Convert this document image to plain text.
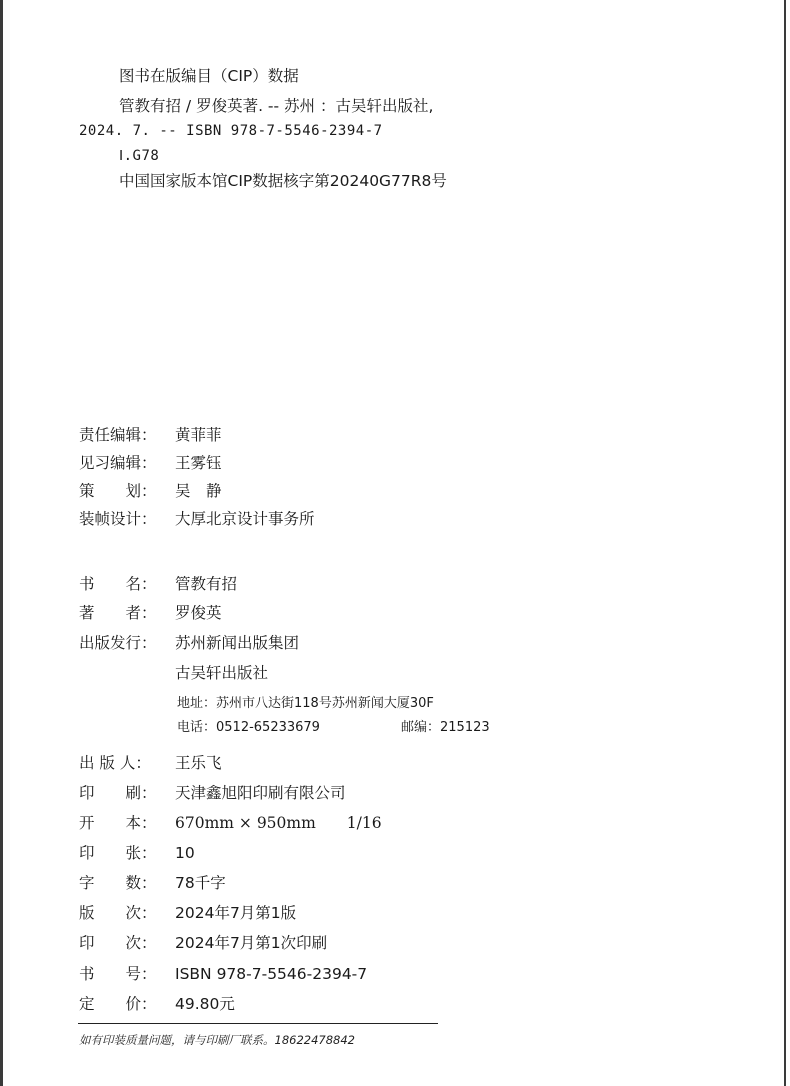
图书在版编目（CIP）数据
管教有招 / 罗俊英著. -- 苏州 ：古吴轩出版社,
2024. 7. -- ISBN 978-7-5546-2394-7
Ⅰ.G78
中国国家版本馆CIP数据核字第20240G77R8号
责任编辑： 黄菲菲
见习编辑： 王雾钰
策　　划： 吴　静
装帧设计： 大厚北京设计事务所
书　　名： 管教有招
著　　者： 罗俊英
出版发行： 苏州新闻出版集团
古吴轩出版社
地址：苏州市八达街118号苏州新闻大厦30F
电话：0512-65233679	邮编：215123
出 版 人： 王乐飞
印　　刷： 天津鑫旭阳印刷有限公司
开　　本： 670mm × 950mm　　1/16
印　　张： 10
字　　数： 78千字
版　　次： 2024年7月第1版
印　　次： 2024年7月第1次印刷
书　　号： ISBN 978-7-5546-2394-7
定　　价： 49.80元
如有印装质量问题，请与印刷厂联系。18622478842
